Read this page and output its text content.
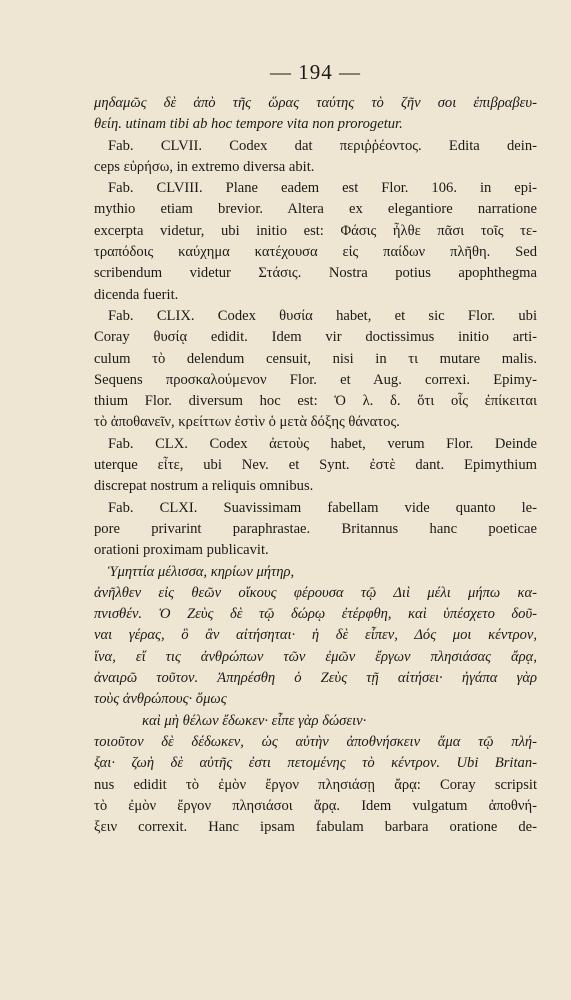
— 194 —
μηδαμῶς δὲ ἀπὸ τῆς ὥρας ταύτης τὸ ζῆν σοι ἐπιβραβευ-
θείη. utinam tibi ab hoc tempore vita non prorogetur.
Fab. CLVII. Codex dat περιῤῥέοντος. Edita dein-
ceps εὑρήσω, in extremo diversa abit.
Fab. CLVIII. Plane eadem est Flor. 106. in epi-
mythio etiam brevior. Altera ex elegantiore narratione
excerpta videtur, ubi initio est: Φάσις ἦλθε πᾶσι τοῖς τε-
τραπόδοις καύχημα κατέχουσα εἰς παίδων πλῆθη. Sed
scribendum videtur Στάσις. Nostra potius apophthegma
dicenda fuerit.
Fab. CLIX. Codex θυσία habet, et sic Flor. ubi
Coray θυσίᾳ edidit. Idem vir doctissimus initio arti-
culum τὸ delendum censuit, nisi in τι mutare malis.
Sequens προσκαλούμενον Flor. et Aug. correxi. Epimy-
thium Flor. diversum hoc est: Ὁ λ. δ. ὅτι οἷς ἐπίκειται
τὸ ἀποθανεῖν, κρείττων ἐστὶν ὁ μετὰ δόξης θάνατος.
Fab. CLX. Codex ἀετοὺς habet, verum Flor. Deinde
uterque εἶτε, ubi Nev. et Synt. ἐστὲ dant. Epimythium
discrepat nostrum a reliquis omnibus.
Fab. CLXI. Suavissimam fabellam vide quanto le-
pore privarint paraphrastae. Britannus hanc poeticae
orationi proximam publicavit.
Ὑμηττία μέλισσα, κηρίων μήτηρ,
ἀνῆλθεν εἰς θεῶν οἴκους φέρουσα τῷ Διὶ μέλι μήπω κα-
πνισθέν. Ὁ Ζεὺς δὲ τῷ δώρῳ ἐτέρφθη, καὶ ὑπέσχετο δοῦ-
ναι γέρας, ὃ ἂν αἰτήσηται· ἡ δὲ εἶπεν, Δός μοι κέντρον,
ἵνα, εἴ τις ἀνθρώπων τῶν ἐμῶν ἔργων πλησιάσας ἄρᾳ,
ἀναιρῶ τοῦτον. Ἀπηρέσθη ὁ Ζεὺς τῇ αἰτήσει· ἠγάπα γὰρ
τοὺς ἀνθρώπους· ὅμως
καὶ μὴ θέλων ἔδωκεν· εἶπε γὰρ δώσειν·
τοιοῦτον δὲ δέδωκεν, ὡς αὐτὴν ἀποθνήσκειν ἅμα τῷ πλή-
ξαι· ζωὴ δὲ αὐτῆς ἐστι πετομένης τὸ κέντρον. Ubi Britan-
nus edidit τὸ ἐμὸν ἔργον πλησιάσῃ ἄρᾳ: Coray scripsit
τὸ ἐμὸν ἔργον πλησιάσοι ἄρᾳ. Idem vulgatum ἀποθνή-
ξειν correxit. Hanc ipsam fabulam barbara oratione de-
